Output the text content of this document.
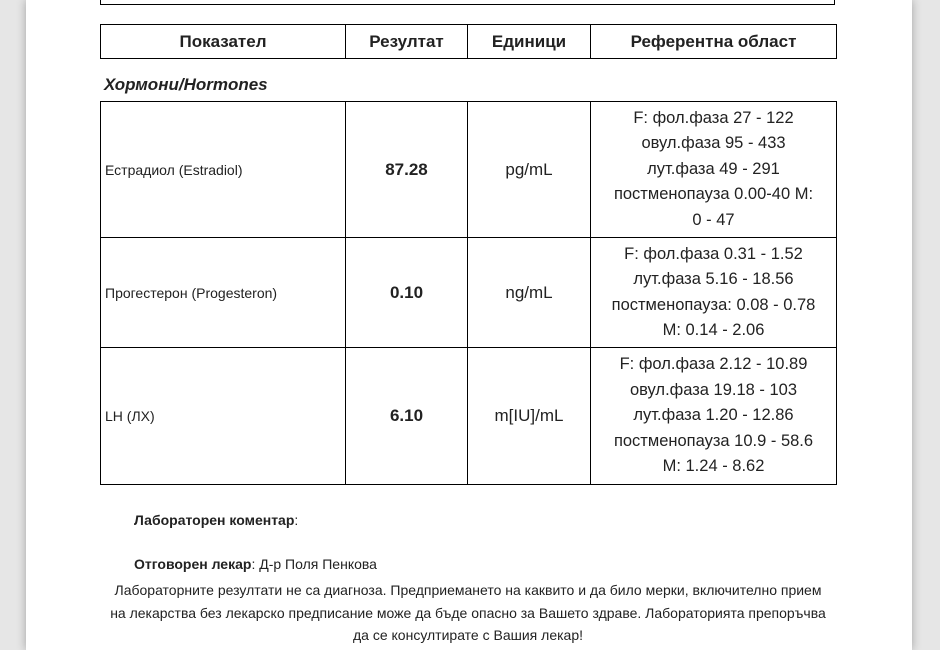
Показател	Резултат	Единици	Референтна област
Хормони/Hormones
Естрадиол (Estradiol)	87.28	pg/mL	F: фол.фаза 27 - 122
овул.фаза 95 - 433
лут.фаза 49 - 291
постменопауза 0.00-40 M:
0 - 47

Прогестерон (Progesteron)	0.10	ng/mL	F: фол.фаза 0.31 - 1.52
лут.фаза 5.16 - 18.56
постменопауза: 0.08 - 0.78
M: 0.14 - 2.06

LH (ЛХ)	6.10	m[IU]/mL	F: фол.фаза 2.12 - 10.89
овул.фаза 19.18 - 103
лут.фаза 1.20 - 12.86
постменопауза 10.9 - 58.6
M: 1.24 - 8.62

Лабораторен коментар:

Отговорен лекар: Д-р Поля Пенкова

Лабораторните резултати не са диагноза. Предприемането на каквито и да било мерки, включително прием на лекарства без лекарско предписание може да бъде опасно за Вашето здраве. Лабораторията препоръчва да се консултирате с Вашия лекар!
